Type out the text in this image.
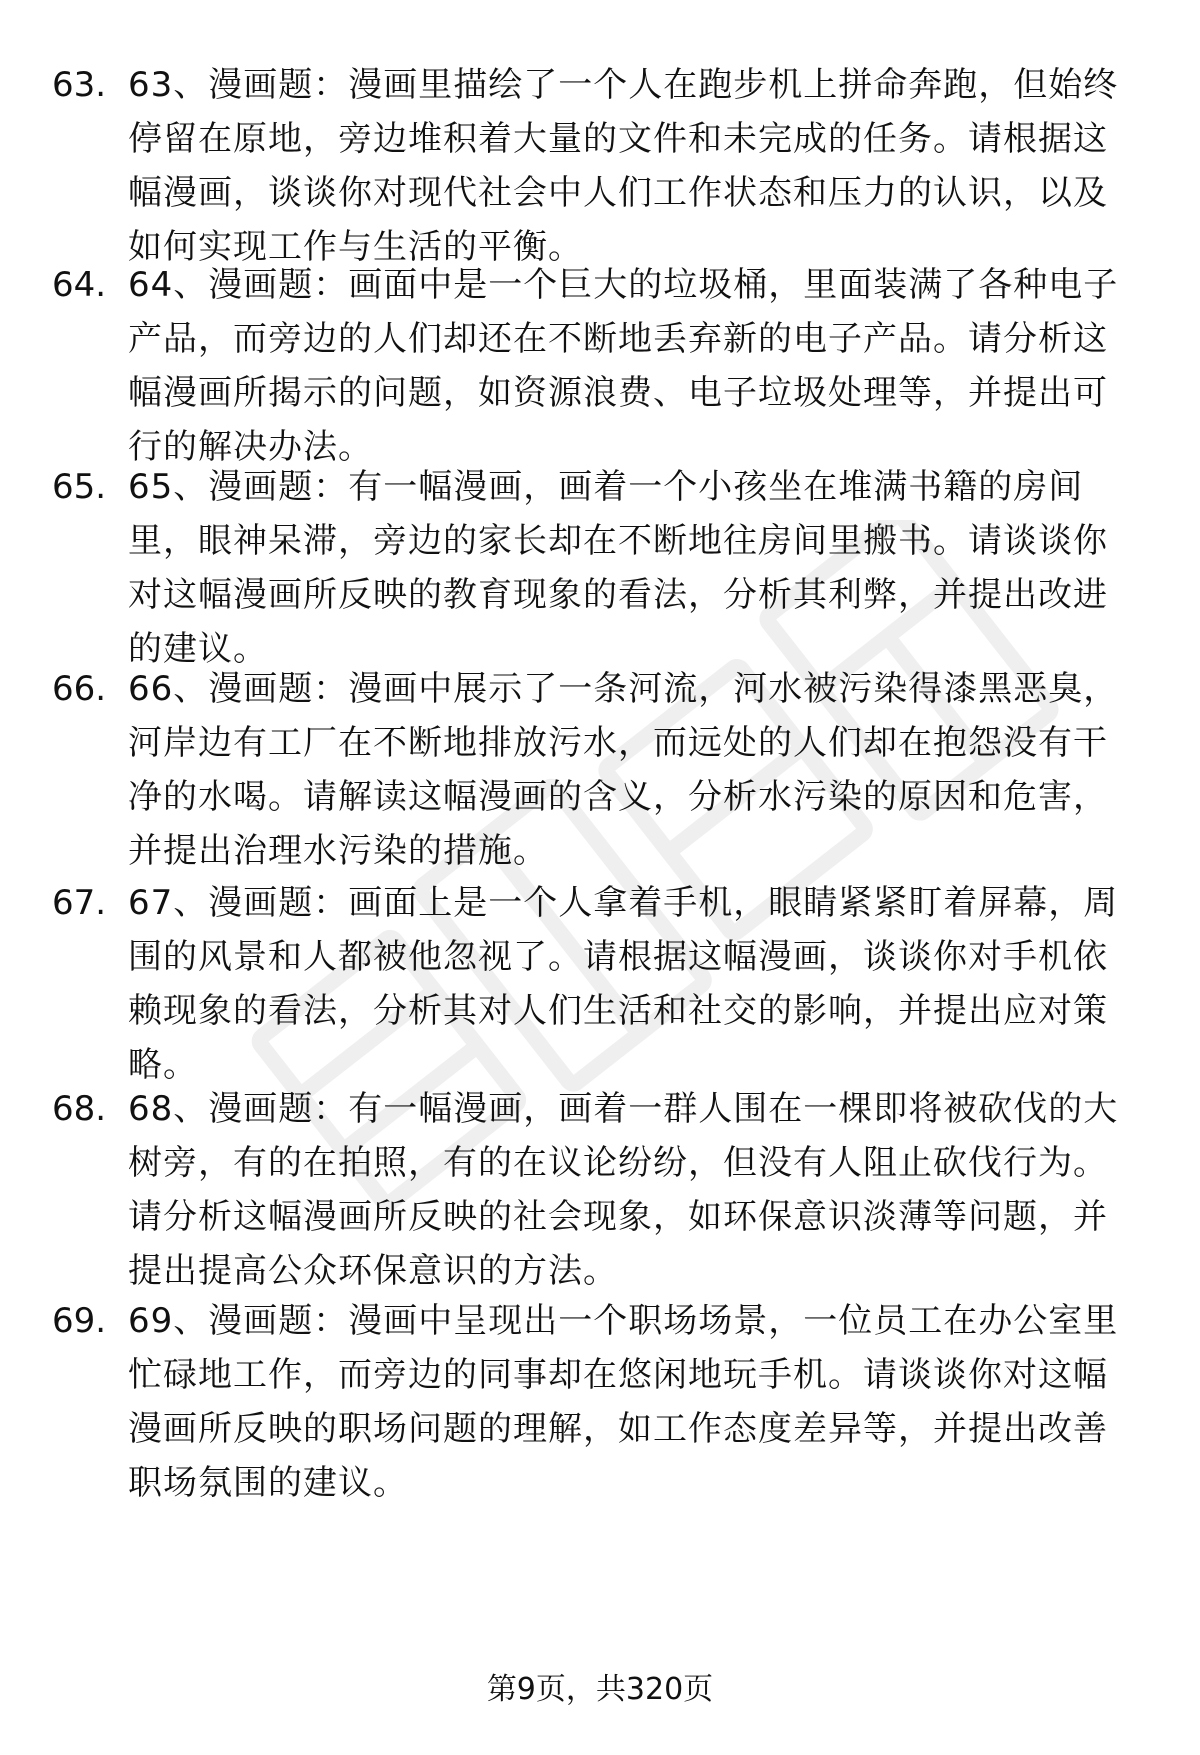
63. 63、漫画题：漫画里描绘了一个人在跑步机上拼命奔跑，但始终
停留在原地，旁边堆积着大量的文件和未完成的任务。请根据这
幅漫画，谈谈你对现代社会中人们工作状态和压力的认识，以及
如何实现工作与生活的平衡。
64. 64、漫画题：画面中是一个巨大的垃圾桶，里面装满了各种电子
产品，而旁边的人们却还在不断地丢弃新的电子产品。请分析这
幅漫画所揭示的问题，如资源浪费、电子垃圾处理等，并提出可
行的解决办法。
65. 65、漫画题：有一幅漫画，画着一个小孩坐在堆满书籍的房间
里，眼神呆滞，旁边的家长却在不断地往房间里搬书。请谈谈你
对这幅漫画所反映的教育现象的看法，分析其利弊，并提出改进
的建议。
66. 66、漫画题：漫画中展示了一条河流，河水被污染得漆黑恶臭，
河岸边有工厂在不断地排放污水，而远处的人们却在抱怨没有干
净的水喝。请解读这幅漫画的含义，分析水污染的原因和危害，
并提出治理水污染的措施。
67. 67、漫画题：画面上是一个人拿着手机，眼睛紧紧盯着屏幕，周
围的风景和人都被他忽视了。请根据这幅漫画，谈谈你对手机依
赖现象的看法，分析其对人们生活和社交的影响，并提出应对策
略。
68. 68、漫画题：有一幅漫画，画着一群人围在一棵即将被砍伐的大
树旁，有的在拍照，有的在议论纷纷，但没有人阻止砍伐行为。
请分析这幅漫画所反映的社会现象，如环保意识淡薄等问题，并
提出提高公众环保意识的方法。
69. 69、漫画题：漫画中呈现出一个职场场景，一位员工在办公室里
忙碌地工作，而旁边的同事却在悠闲地玩手机。请谈谈你对这幅
漫画所反映的职场问题的理解，如工作态度差异等，并提出改善
职场氛围的建议。
第9页，共320页
